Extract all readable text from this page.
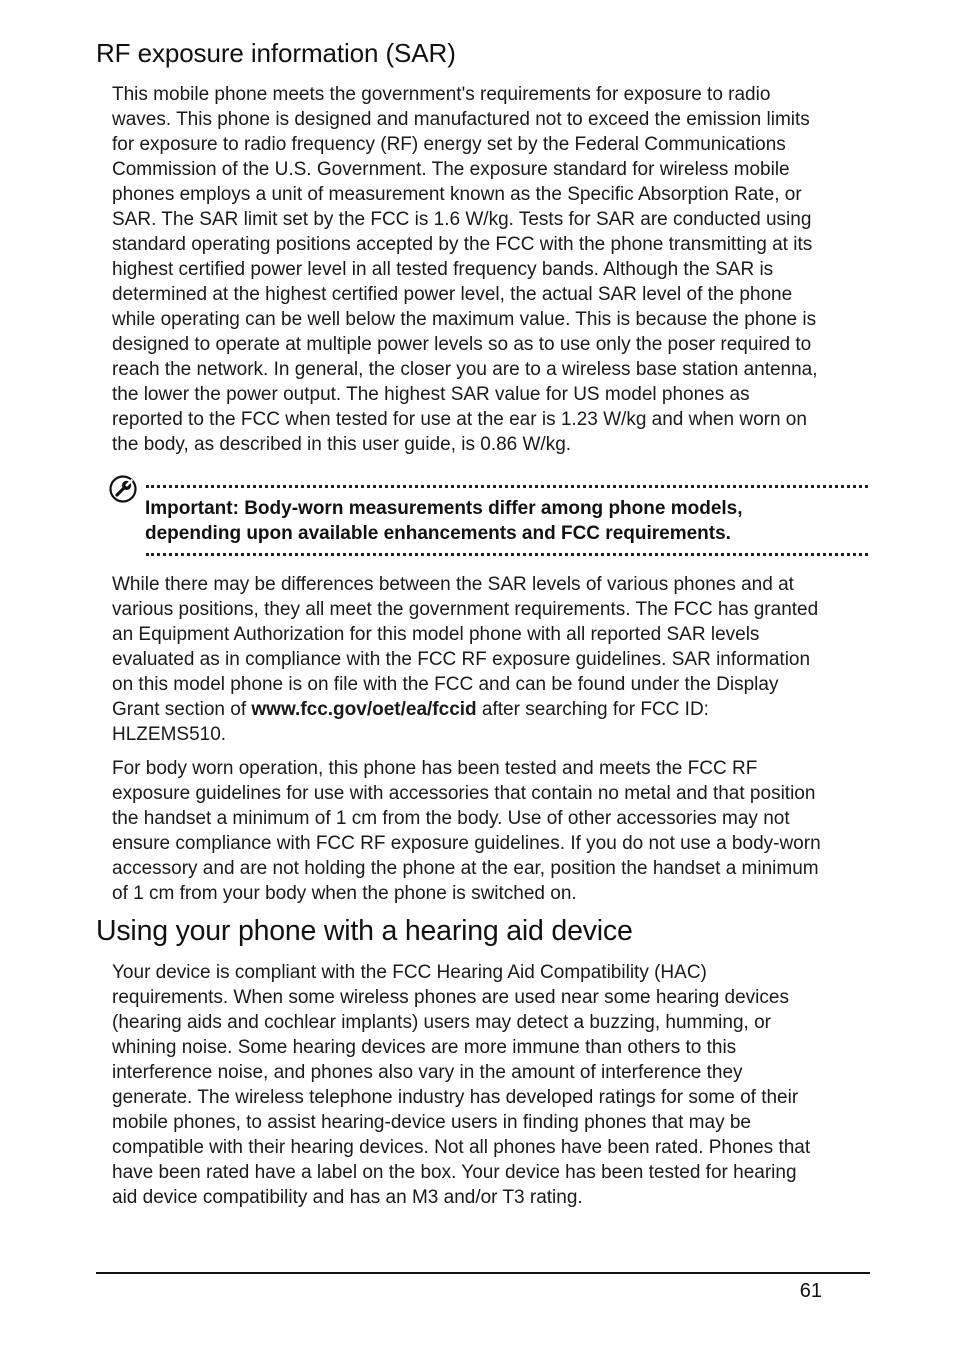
RF exposure information (SAR)

This mobile phone meets the government's requirements for exposure to radio
waves. This phone is designed and manufactured not to exceed the emission limits
for exposure to radio frequency (RF) energy set by the Federal Communications
Commission of the U.S. Government. The exposure standard for wireless mobile
phones employs a unit of measurement known as the Specific Absorption Rate, or
SAR. The SAR limit set by the FCC is 1.6 W/kg. Tests for SAR are conducted using
standard operating positions accepted by the FCC with the phone transmitting at its
highest certified power level in all tested frequency bands. Although the SAR is
determined at the highest certified power level, the actual SAR level of the phone
while operating can be well below the maximum value. This is because the phone is
designed to operate at multiple power levels so as to use only the poser required to
reach the network. In general, the closer you are to a wireless base station antenna,
the lower the power output. The highest SAR value for US model phones as
reported to the FCC when tested for use at the ear is 1.23 W/kg and when worn on
the body, as described in this user guide, is 0.86 W/kg.

Important: Body-worn measurements differ among phone models,
depending upon available enhancements and FCC requirements.

While there may be differences between the SAR levels of various phones and at
various positions, they all meet the government requirements. The FCC has granted
an Equipment Authorization for this model phone with all reported SAR levels
evaluated as in compliance with the FCC RF exposure guidelines. SAR information
on this model phone is on file with the FCC and can be found under the Display
Grant section of www.fcc.gov/oet/ea/fccid after searching for FCC ID:
HLZEMS510.

For body worn operation, this phone has been tested and meets the FCC RF
exposure guidelines for use with accessories that contain no metal and that position
the handset a minimum of 1 cm from the body. Use of other accessories may not
ensure compliance with FCC RF exposure guidelines. If you do not use a body-worn
accessory and are not holding the phone at the ear, position the handset a minimum
of 1 cm from your body when the phone is switched on.

Using your phone with a hearing aid device

Your device is compliant with the FCC Hearing Aid Compatibility (HAC)
requirements. When some wireless phones are used near some hearing devices
(hearing aids and cochlear implants) users may detect a buzzing, humming, or
whining noise. Some hearing devices are more immune than others to this
interference noise, and phones also vary in the amount of interference they
generate. The wireless telephone industry has developed ratings for some of their
mobile phones, to assist hearing-device users in finding phones that may be
compatible with their hearing devices. Not all phones have been rated. Phones that
have been rated have a label on the box. Your device has been tested for hearing
aid device compatibility and has an M3 and/or T3 rating.

61
